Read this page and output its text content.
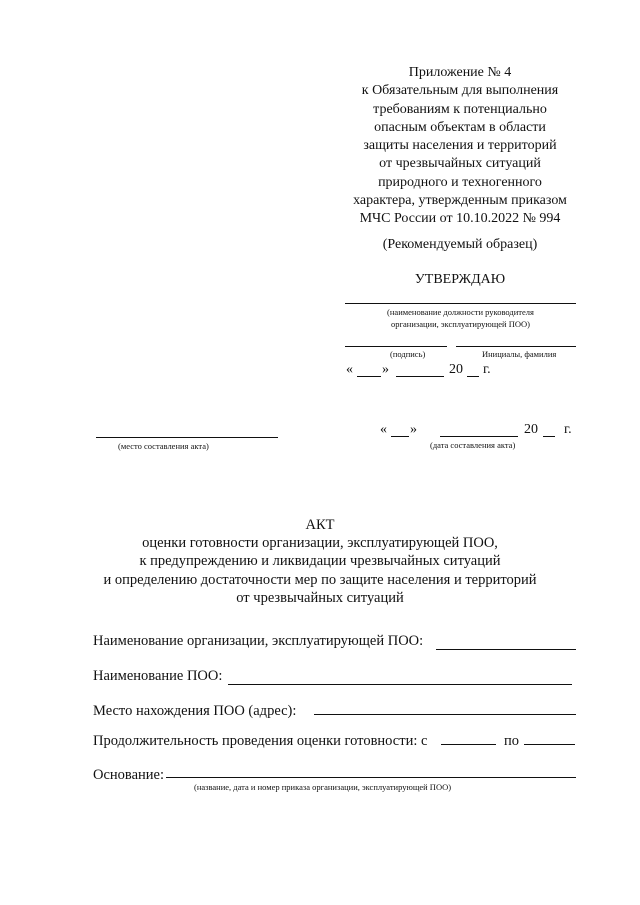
Приложение № 4
к Обязательным для выполнения
требованиям к потенциально
опасным объектам в области
защиты населения и территорий
от чрезвычайных ситуаций
природного и техногенного
характера, утвержденным приказом
МЧС России от 10.10.2022 № 994
(Рекомендуемый образец)
УТВЕРЖДАЮ
(наименование должности руководителя
организации, эксплуатирующей ПОО)
(подпись)	Инициалы, фамилия
« »	20 г.
(место составления акта)
« »	20 г.
(дата составления акта)
АКТ
оценки готовности организации, эксплуатирующей ПОО,
к предупреждению и ликвидации чрезвычайных ситуаций
и определению достаточности мер по защите населения и территорий
от чрезвычайных ситуаций
Наименование организации, эксплуатирующей ПОО:
Наименование ПОО:
Место нахождения ПОО (адрес):
Продолжительность проведения оценки готовности: с	по
Основание:
(название, дата и номер приказа организации, эксплуатирующей ПОО)
